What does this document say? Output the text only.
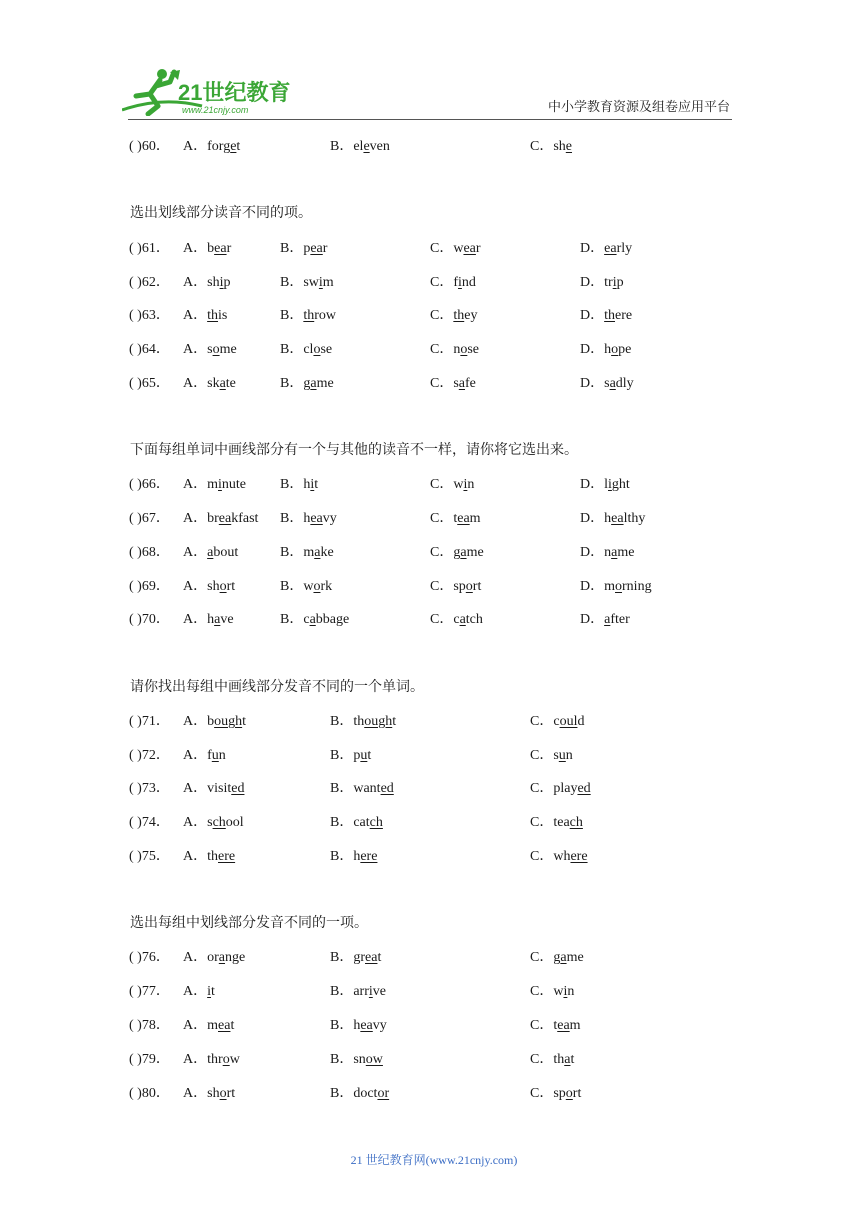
21世纪教育
www.21cnjy.com	中小学教育资源及组卷应用平台
( )60． A．forget	B．eleven	C．she
选出划线部分读音不同的项。
( )61． A．bear	B．pear	C．wear	D．early
( )62． A．ship	B．swim	C．find	D．trip
( )63． A．this	B．throw	C．they	D．there
( )64． A．some	B．close	C．nose	D．hope
( )65． A．skate	B．game	C．safe	D．sadly
下面每组单词中画线部分有一个与其他的读音不一样，请你将它选出来。
( )66． A．minute B．hit	C．win	D．light
( )67． A．breakfast B．heavy	C．team	D．healthy
( )68． A．about	B．make	C．game	D．name
( )69． A．short	B．work	C．sport	D．morning
( )70． A．have	B．cabbage	C．catch	D．after
请你找出每组中画线部分发音不同的一个单词。
( )71． A．bought	B．thought	C．could
( )72． A．fun	B．put	C．sun
( )73． A．visited	B．wanted	C．played
( )74． A．school	B．catch	C．teach
( )75． A．there	B．here	C．where
选出每组中划线部分发音不同的一项。
( )76． A．orange	B．great	C．game
( )77． A．it	B．arrive	C．win
( )78． A．meat	B．heavy	C．team
( )79． A．throw	B．snow	C．that
( )80． A．short	B．doctor	C．sport
21 世纪教育网(www.21cnjy.com)
